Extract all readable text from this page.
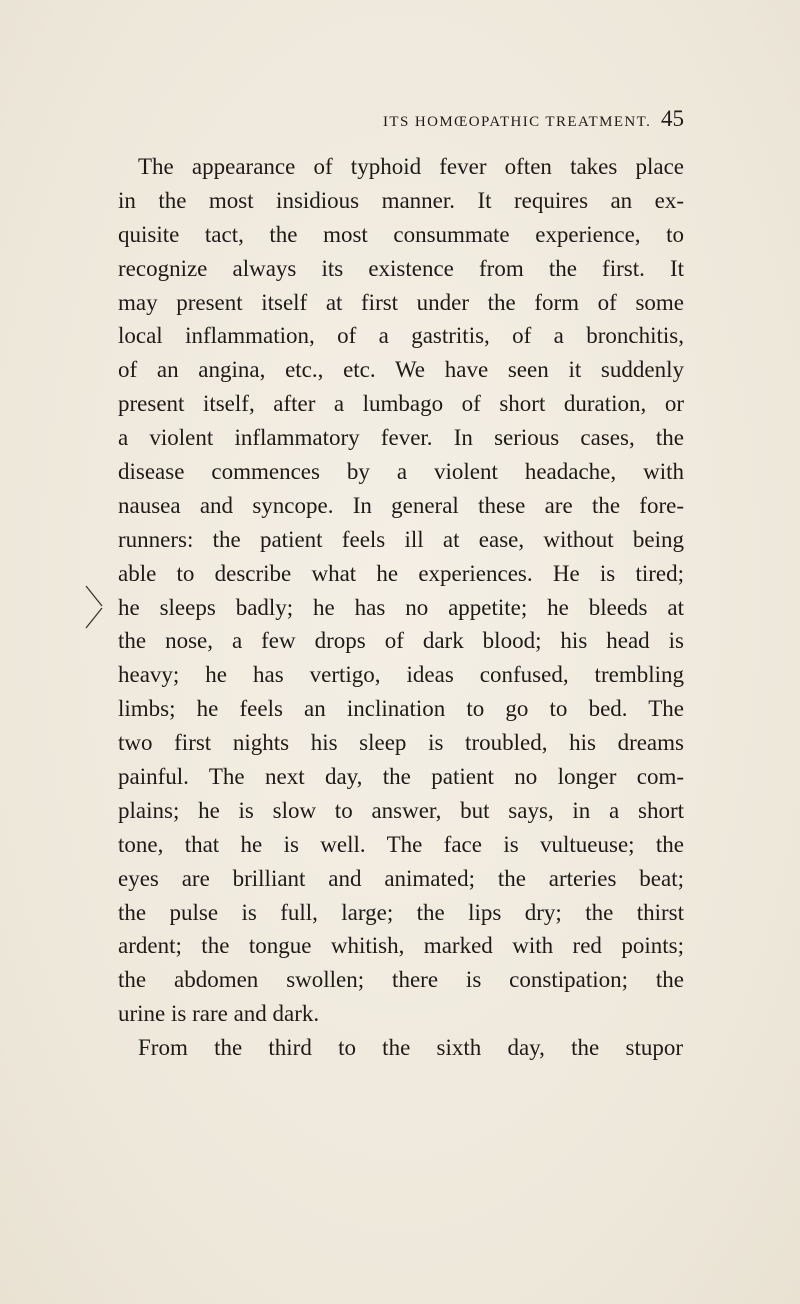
ITS HOMŒOPATHIC TREATMENT. 45
The appearance of typhoid fever often takes place
in the most insidious manner. It requires an ex-
quisite tact, the most consummate experience, to
recognize always its existence from the first. It
may present itself at first under the form of some
local inflammation, of a gastritis, of a bronchitis,
of an angina, etc., etc. We have seen it suddenly
present itself, after a lumbago of short duration, or
a violent inflammatory fever. In serious cases, the
disease commences by a violent headache, with
nausea and syncope. In general these are the fore-
runners: the patient feels ill at ease, without being
able to describe what he experiences. He is tired;
he sleeps badly; he has no appetite; he bleeds at
the nose, a few drops of dark blood; his head is
heavy; he has vertigo, ideas confused, trembling
limbs; he feels an inclination to go to bed. The
two first nights his sleep is troubled, his dreams
painful. The next day, the patient no longer com-
plains; he is slow to answer, but says, in a short
tone, that he is well. The face is vultueuse; the
eyes are brilliant and animated; the arteries beat;
the pulse is full, large; the lips dry; the thirst
ardent; the tongue whitish, marked with red points;
the abdomen swollen; there is constipation; the
urine is rare and dark.
From the third to the sixth day, the stupor
